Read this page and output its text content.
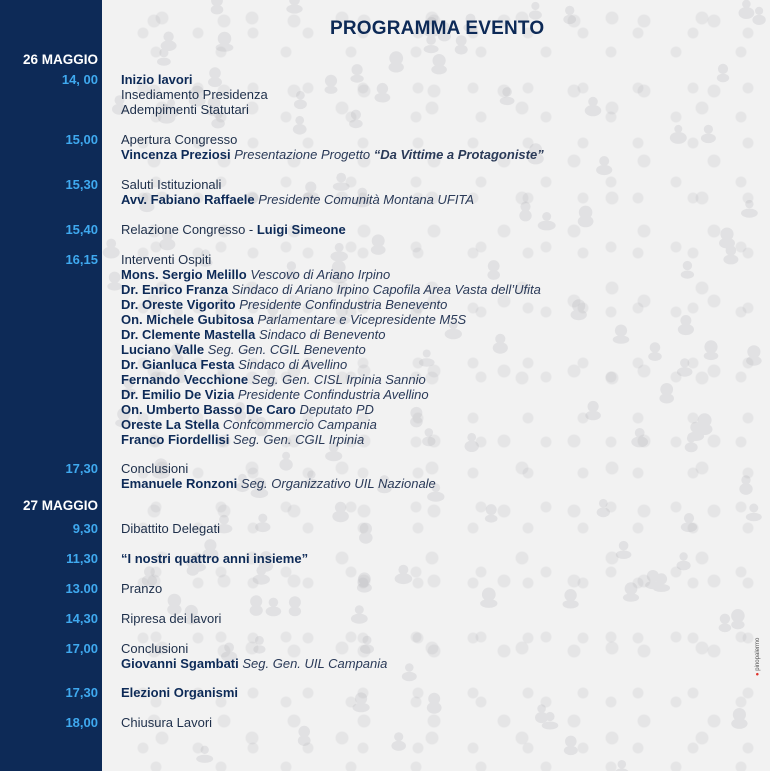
PROGRAMMA EVENTO
26 MAGGIO
27 MAGGIO
14, 00 Inizio lavori
Insediamento Presidenza
Adempimenti Statutari
15,00 Apertura Congresso
Vincenza Preziosi Presentazione Progetto “Da Vittime a Protagoniste”
15,30 Saluti Istituzionali
Avv. Fabiano Raffaele Presidente Comunità Montana UFITA
15,40 Relazione Congresso - Luigi Simeone
16,15 Interventi Ospiti
Mons. Sergio Melillo Vescovo di Ariano Irpino
Dr. Enrico Franza Sindaco di Ariano Irpino Capofila Area Vasta dell’Ufita
Dr. Oreste Vigorito Presidente Confindustria Benevento
On. Michele Gubitosa Parlamentare e Vicepresidente M5S
Dr. Clemente Mastella Sindaco di Benevento
Luciano Valle Seg. Gen. CGIL Benevento
Dr. Gianluca Festa Sindaco di Avellino
Fernando Vecchione Seg. Gen. CISL Irpinia Sannio
Dr. Emilio De Vizia Presidente Confindustria Avellino
On. Umberto Basso De Caro Deputato PD
Oreste La Stella Confcommercio Campania
Franco Fiordellisi Seg. Gen. CGIL Irpinia
17,30 Conclusioni
Emanuele Ronzoni Seg. Organizzativo UIL Nazionale
9,30 Dibattito Delegati
11,30 “I nostri quattro anni insieme”
13.00 Pranzo
14,30 Ripresa dei lavori
17,00 Conclusioni
Giovanni Sgambati Seg. Gen. UIL Campania
17,30 Elezioni Organismi
18,00 Chiusura Lavori
● pinopalermo
